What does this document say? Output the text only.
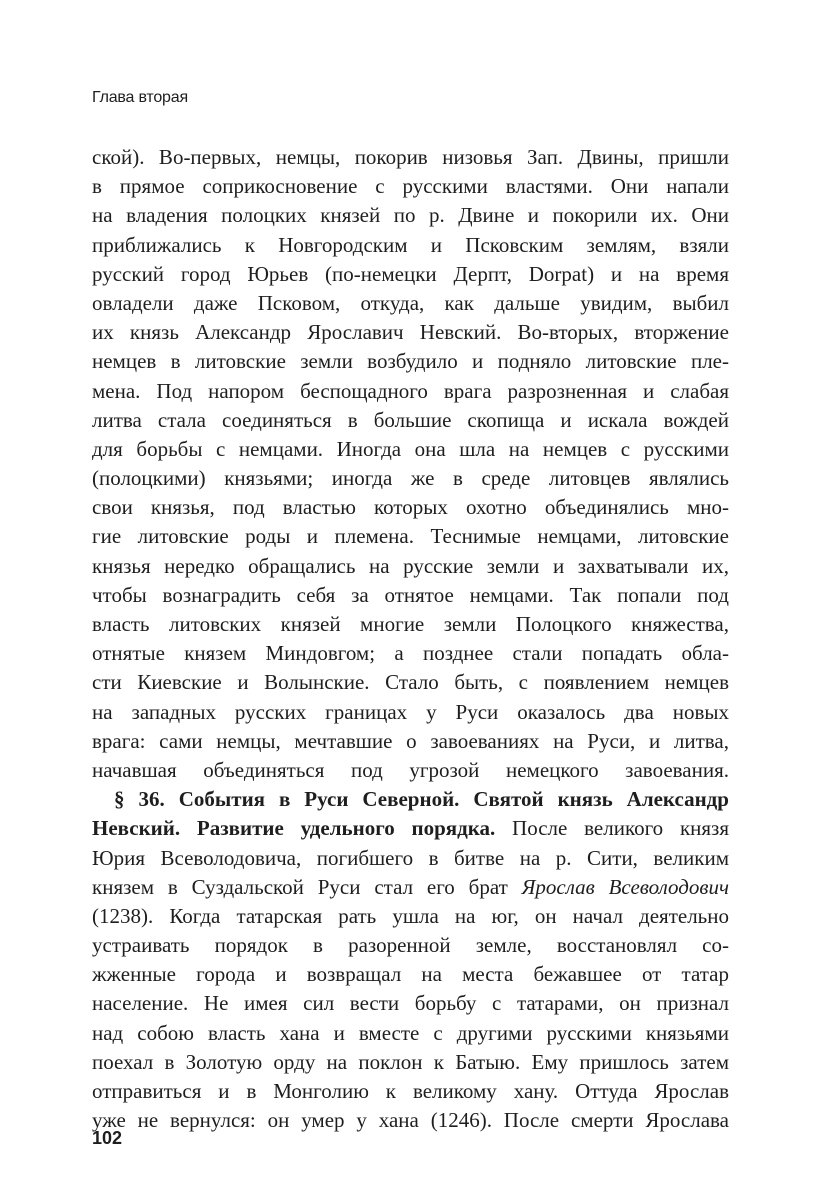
Глава вторая
ской). Во-первых, немцы, покорив низовья Зап. Двины, пришли
в прямое соприкосновение с русскими властями. Они напали
на владения полоцких князей по р. Двине и покорили их. Они
приближались к Новгородским и Псковским землям, взяли
русский город Юрьев (по-немецки Дерпт, Dorpat) и на время
овладели даже Псковом, откуда, как дальше увидим, выбил
их князь Александр Ярославич Невский. Во-вторых, вторжение
немцев в литовские земли возбудило и подняло литовские пле-
мена. Под напором беспощадного врага разрозненная и слабая
литва стала соединяться в большие скопища и искала вождей
для борьбы с немцами. Иногда она шла на немцев с русскими
(полоцкими) князьями; иногда же в среде литовцев являлись
свои князья, под властью которых охотно объединялись мно-
гие литовские роды и племена. Теснимые немцами, литовские
князья нередко обращались на русские земли и захватывали их,
чтобы вознаградить себя за отнятое немцами. Так попали под
власть литовских князей многие земли Полоцкого княжества,
отнятые князем Миндовгом; а позднее стали попадать обла-
сти Киевские и Волынские. Стало быть, с появлением немцев
на западных русских границах у Руси оказалось два новых
врага: сами немцы, мечтавшие о завоеваниях на Руси, и литва,
начавшая объединяться под угрозой немецкого завоевания.
§ 36. События в Руси Северной. Святой князь Александр
Невский. Развитие удельного порядка. После великого князя
Юрия Всеволодовича, погибшего в битве на р. Сити, великим
князем в Суздальской Руси стал его брат Ярослав Всеволодович
(1238). Когда татарская рать ушла на юг, он начал деятельно
устраивать порядок в разоренной земле, восстановлял со-
жженные города и возвращал на места бежавшее от татар
население. Не имея сил вести борьбу с татарами, он признал
над собою власть хана и вместе с другими русскими князьями
поехал в Золотую орду на поклон к Батыю. Ему пришлось затем
отправиться и в Монголию к великому хану. Оттуда Ярослав
уже не вернулся: он умер у хана (1246). После смерти Ярослава
102
